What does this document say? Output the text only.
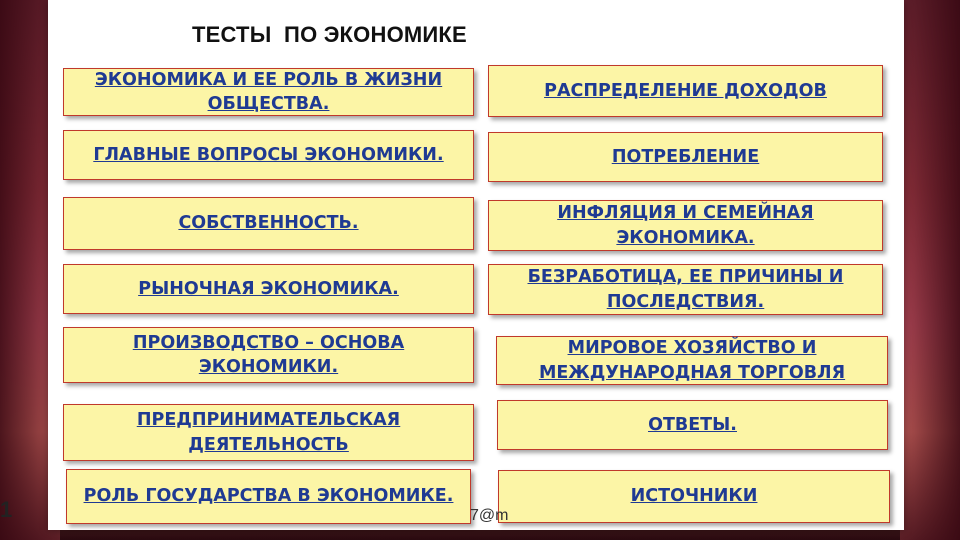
ТЕСТЫ  ПО ЭКОНОМИКЕ
ЭКОНОМИКА И ЕЕ РОЛЬ В ЖИЗНИ ОБЩЕСТВА.
ГЛАВНЫЕ ВОПРОСЫ ЭКОНОМИКИ.
СОБСТВЕННОСТЬ.
РЫНОЧНАЯ ЭКОНОМИКА.
ПРОИЗВОДСТВО – ОСНОВА ЭКОНОМИКИ.
ПРЕДПРИНИМАТЕЛЬСКАЯ ДЕЯТЕЛЬНОСТЬ
РОЛЬ ГОСУДАРСТВА В ЭКОНОМИКЕ.
РАСПРЕДЕЛЕНИЕ ДОХОДОВ
ПОТРЕБЛЕНИЕ
ИНФЛЯЦИЯ И СЕМЕЙНАЯ ЭКОНОМИКА.
БЕЗРАБОТИЦА, ЕЕ ПРИЧИНЫ И ПОСЛЕДСТВИЯ.
МИРОВОЕ ХОЗЯЙСТВО И МЕЖДУНАРОДНАЯ ТОРГОВЛЯ
ОТВЕТЫ.
ИСТОЧНИКИ
7@m
1
